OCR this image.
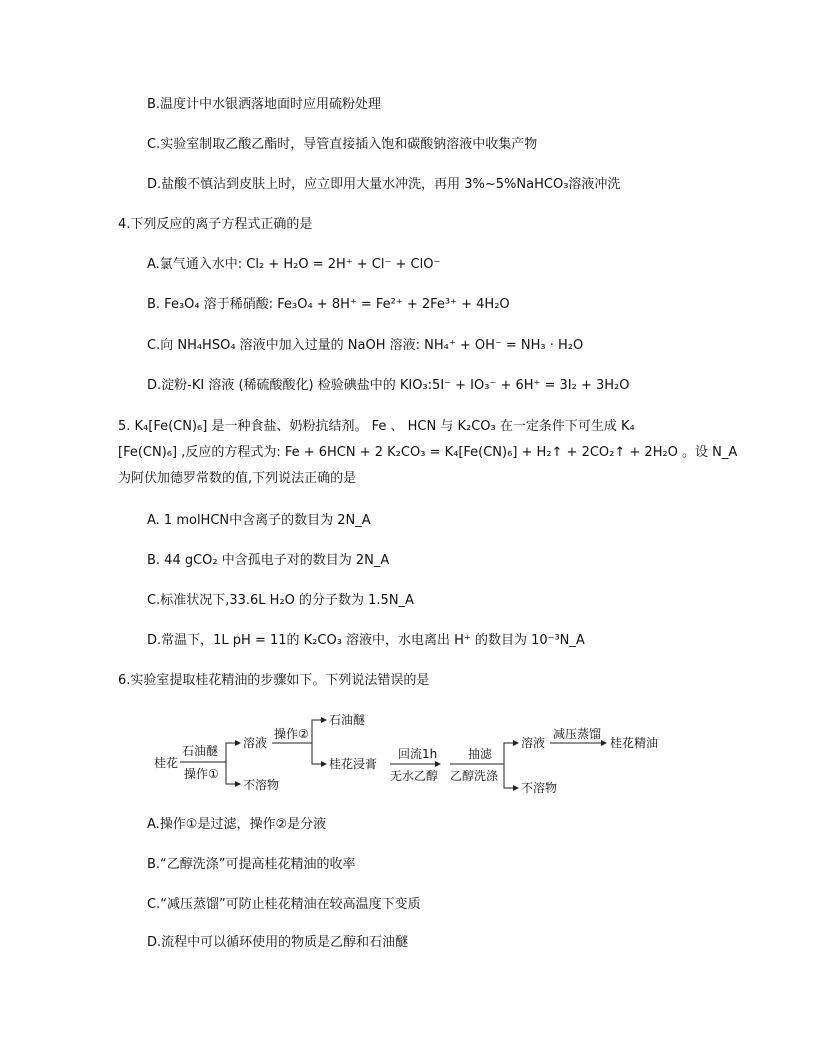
B.温度计中水银洒落地面时应用硫粉处理
C.实验室制取乙酸乙酯时，导管直接插入饱和碳酸钠溶液中收集产物
D.盐酸不慎沾到皮肤上时，应立即用大量水冲洗，再用 3%~5%NaHCO₃溶液冲洗
4.下列反应的离子方程式正确的是
A.氯气通入水中: Cl₂ + H₂O = 2H⁺ + Cl⁻ + ClO⁻
B. Fe₃O₄ 溶于稀硝酸: Fe₃O₄ + 8H⁺ = Fe²⁺ + 2Fe³⁺ + 4H₂O
C.向 NH₄HSO₄ 溶液中加入过量的 NaOH 溶液: NH₄⁺ + OH⁻ = NH₃ · H₂O
D.淀粉-KI 溶液 (稀硫酸酸化) 检验碘盐中的 KIO₃:5I⁻ + IO₃⁻ + 6H⁺ = 3I₂ + 3H₂O
5. K₄[Fe(CN)₆] 是一种食盐、奶粉抗结剂。 Fe 、 HCN 与 K₂CO₃ 在一定条件下可生成 K₄
[Fe(CN)₆] ,反应的方程式为: Fe + 6HCN + 2 K₂CO₃ = K₄[Fe(CN)₆] + H₂↑ + 2CO₂↑ + 2H₂O 。设 N_A
为阿伏加德罗常数的值,下列说法正确的是
A. 1 molHCN中含离子的数目为 2N_A
B. 44 gCO₂ 中含孤电子对的数目为 2N_A
C.标准状况下,33.6L H₂O 的分子数为 1.5N_A
D.常温下，1L pH = 11的 K₂CO₃ 溶液中，水电离出 H⁺ 的数目为 10⁻³N_A
6.实验室提取桂花精油的步骤如下。下列说法错误的是
桂花
石油醚
操作①
溶液
不溶物
操作②
石油醚
桂花浸膏
回流1h
无水乙醇
抽滤
乙醇洗涤
溶液
不溶物
减压蒸馏
桂花精油
A.操作①是过滤，操作②是分液
B.“乙醇洗涤”可提高桂花精油的收率
C.“减压蒸馏”可防止桂花精油在较高温度下变质
D.流程中可以循环使用的物质是乙醇和石油醚
